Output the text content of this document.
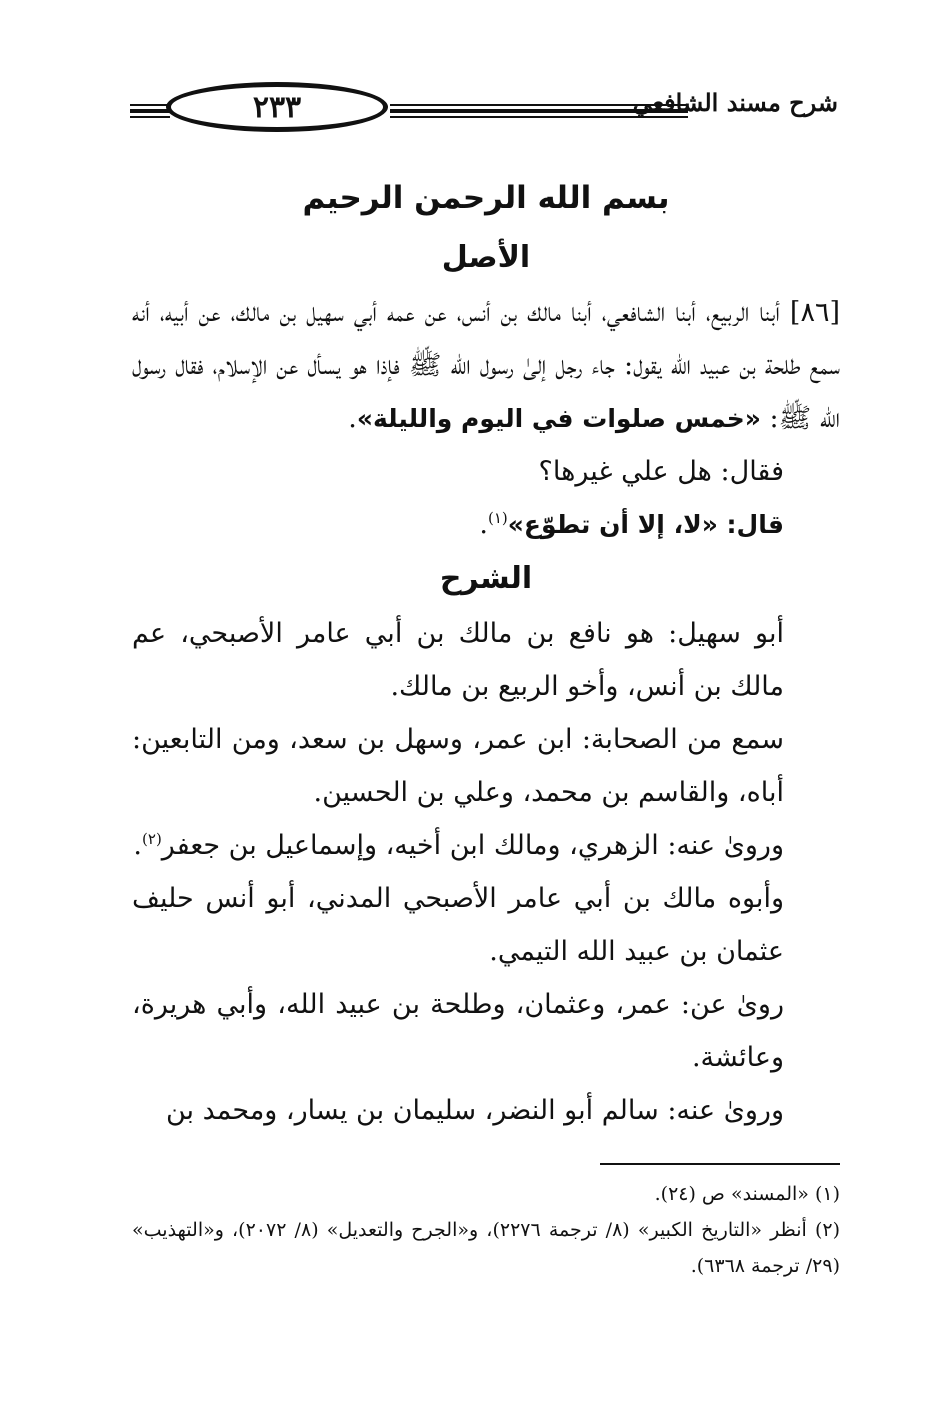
٢٣٣	شرح مسند الشافعي
بسم الله الرحمن الرحيم
الأصل

[٨٦] أبنا الربيع، أبنا الشافعي، أبنا مالك بن أنس، عن عمه أبي سهيل بن مالك، عن أبيه، أنه سمع طلحة بن عبيد الله يقول: جاء رجل إلىٰ رسول الله ﷺ فإذا هو يسأل عن الإسلام، فقال رسول الله ﷺ: «خمس صلوات في اليوم والليلة».

فقال: هل علي غيرها؟

قال: «لا، إلا أن تطوّع»$^{(١)}$.

الشرح

أبو سهيل: هو نافع بن مالك بن أبي عامر الأصبحي، عم مالك بن أنس، وأخو الربيع بن مالك.

سمع من الصحابة: ابن عمر، وسهل بن سعد، ومن التابعين: أباه، والقاسم بن محمد، وعلي بن الحسين.

وروىٰ عنه: الزهري، ومالك ابن أخيه، وإسماعيل بن جعفر$^{(٢)}$.

وأبوه مالك بن أبي عامر الأصبحي المدني، أبو أنس حليف عثمان بن عبيد الله التيمي.

روىٰ عن: عمر، وعثمان، وطلحة بن عبيد الله، وأبي هريرة، وعائشة.

وروىٰ عنه: سالم أبو النضر، سليمان بن يسار، ومحمد بن

(١) «المسند» ص (٢٤).

(٢) أنظر «التاريخ الكبير» (٨/ ترجمة ٢٢٧٦)، و«الجرح والتعديل» (٨/ ٢٠٧٢)، و«التهذيب» (٢٩/ ترجمة ٦٣٦٨).
